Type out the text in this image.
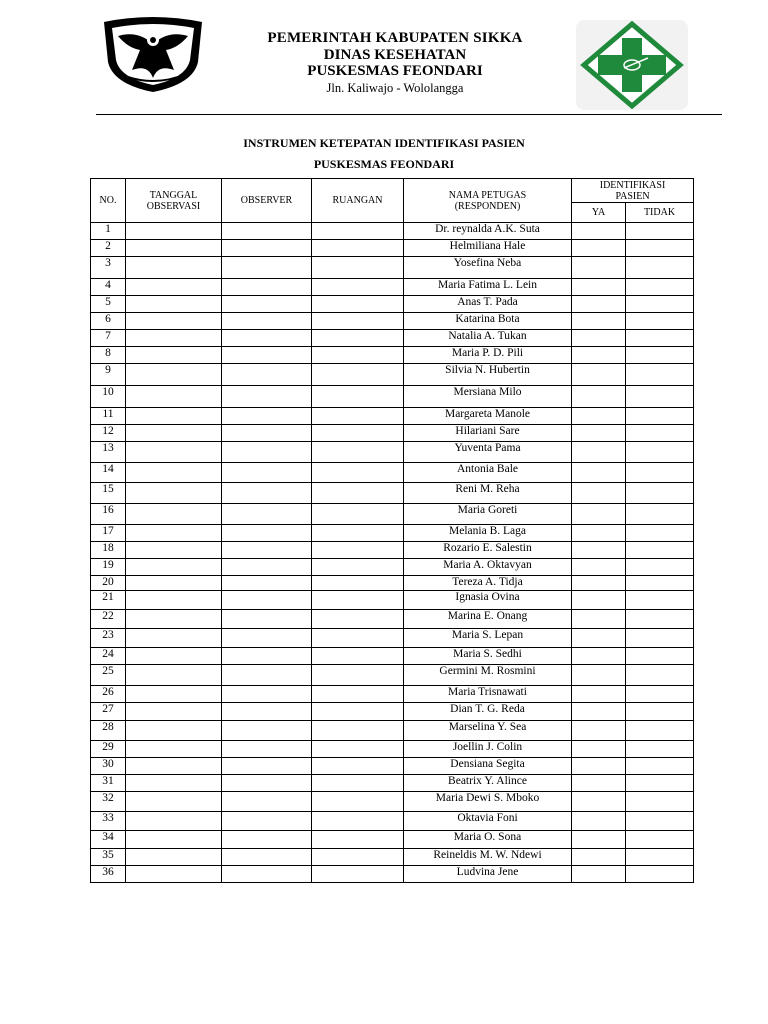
PEMERINTAH KABUPATEN SIKKA
DINAS KESEHATAN
PUSKESMAS FEONDARI
Jln. Kaliwajo - Wololangga
INSTRUMEN KETEPATAN IDENTIFIKASI PASIEN
PUSKESMAS FEONDARI
NO.	TANGGAL OBSERVASI	OBSERVER	RUANGAN	NAMA PETUGAS (RESPONDEN)	IDENTIFIKASI PASIEN	
					YA	TIDAK
1				Dr. reynalda A.K. Suta		
2				Helmiliana Hale		
3				Yosefina Neba		
4				Maria Fatima L. Lein		
5				Anas T. Pada		
6				Katarina Bota		
7				Natalia A. Tukan		
8				Maria P. D. Pili		
9				Silvia N. Hubertin		
10				Mersiana Milo		
11				Margareta Manole		
12				Hilariani Sare		
13				Yuventa Pama		
14				Antonia Bale		
15				Reni M. Reha		
16				Maria Goreti		
17				Melania B. Laga		
18				Rozario E. Salestin		
19				Maria A. Oktavyan		
20				Tereza A. Tidja		
21				Ignasia Ovina		
22				Marina E. Onang		
23				Maria S. Lepan		
24				Maria S. Sedhi		
25				Germini M. Rosmini		
26				Maria Trisnawati		
27				Dian T. G. Reda		
28				Marselina Y. Sea		
29				Joellin J. Colin		
30				Densiana Segita		
31				Beatrix Y. Alince		
32				Maria Dewi S. Mboko		
33				Oktavia Foni		
34				Maria O. Sona		
35				Reineldis M. W. Ndewi		
36				Ludvina Jene		
